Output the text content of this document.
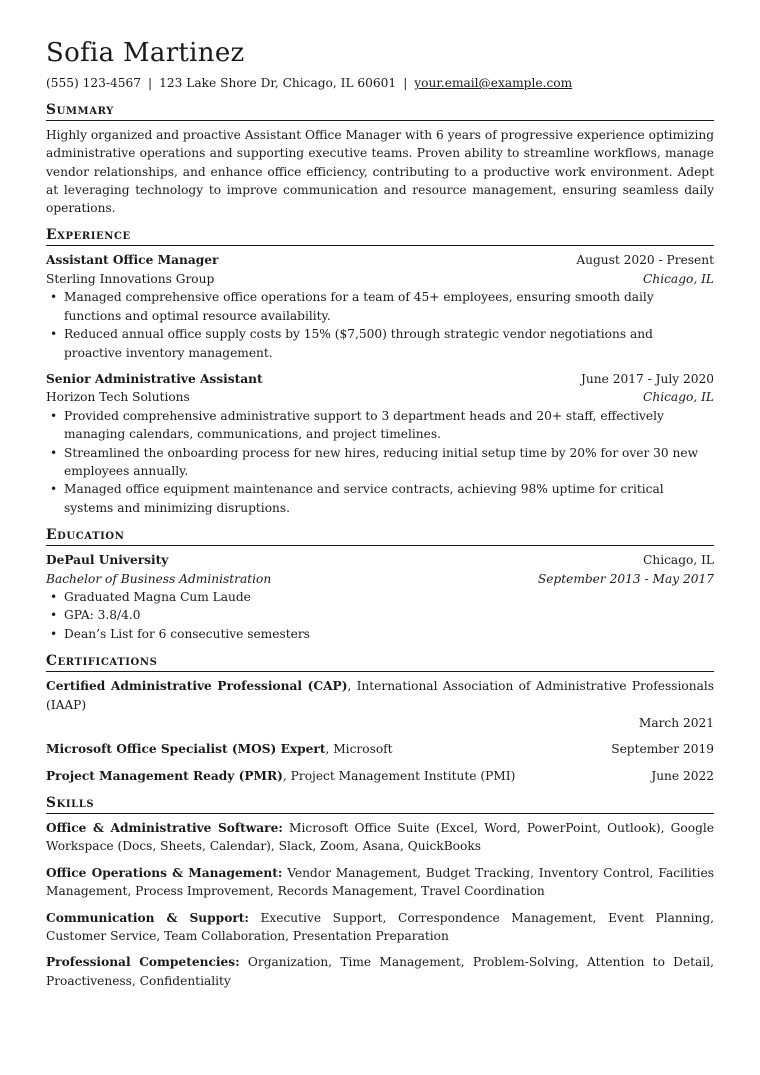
Sofia Martinez
(555) 123-4567 | 123 Lake Shore Dr, Chicago, IL 60601 | your.email@example.com
Summary
Highly organized and proactive Assistant Office Manager with 6 years of progressive experience optimizing administrative operations and supporting executive teams. Proven ability to streamline workflows, manage vendor relationships, and enhance office efficiency, contributing to a productive work environment. Adept at leveraging technology to improve communication and resource management, ensuring seamless daily operations.
Experience
Assistant Office Manager	August 2020 - Present
Sterling Innovations Group	Chicago, IL
• Managed comprehensive office operations for a team of 45+ employees, ensuring smooth daily functions and optimal resource availability.
• Reduced annual office supply costs by 15% ($7,500) through strategic vendor negotiations and proactive inventory management.
Senior Administrative Assistant	June 2017 - July 2020
Horizon Tech Solutions	Chicago, IL
• Provided comprehensive administrative support to 3 department heads and 20+ staff, effectively managing calendars, communications, and project timelines.
• Streamlined the onboarding process for new hires, reducing initial setup time by 20% for over 30 new employees annually.
• Managed office equipment maintenance and service contracts, achieving 98% uptime for critical systems and minimizing disruptions.
Education
DePaul University	Chicago, IL
Bachelor of Business Administration	September 2013 - May 2017
• Graduated Magna Cum Laude
• GPA: 3.8/4.0
• Dean’s List for 6 consecutive semesters
Certifications
Certified Administrative Professional (CAP), International Association of Administrative Professionals (IAAP)
March 2021
Microsoft Office Specialist (MOS) Expert, Microsoft	September 2019
Project Management Ready (PMR), Project Management Institute (PMI)	June 2022
Skills
Office & Administrative Software: Microsoft Office Suite (Excel, Word, PowerPoint, Outlook), Google Workspace (Docs, Sheets, Calendar), Slack, Zoom, Asana, QuickBooks
Office Operations & Management: Vendor Management, Budget Tracking, Inventory Control, Facilities Management, Process Improvement, Records Management, Travel Coordination
Communication & Support: Executive Support, Correspondence Management, Event Planning, Customer Service, Team Collaboration, Presentation Preparation
Professional Competencies: Organization, Time Management, Problem-Solving, Attention to Detail, Proactiveness, Confidentiality
